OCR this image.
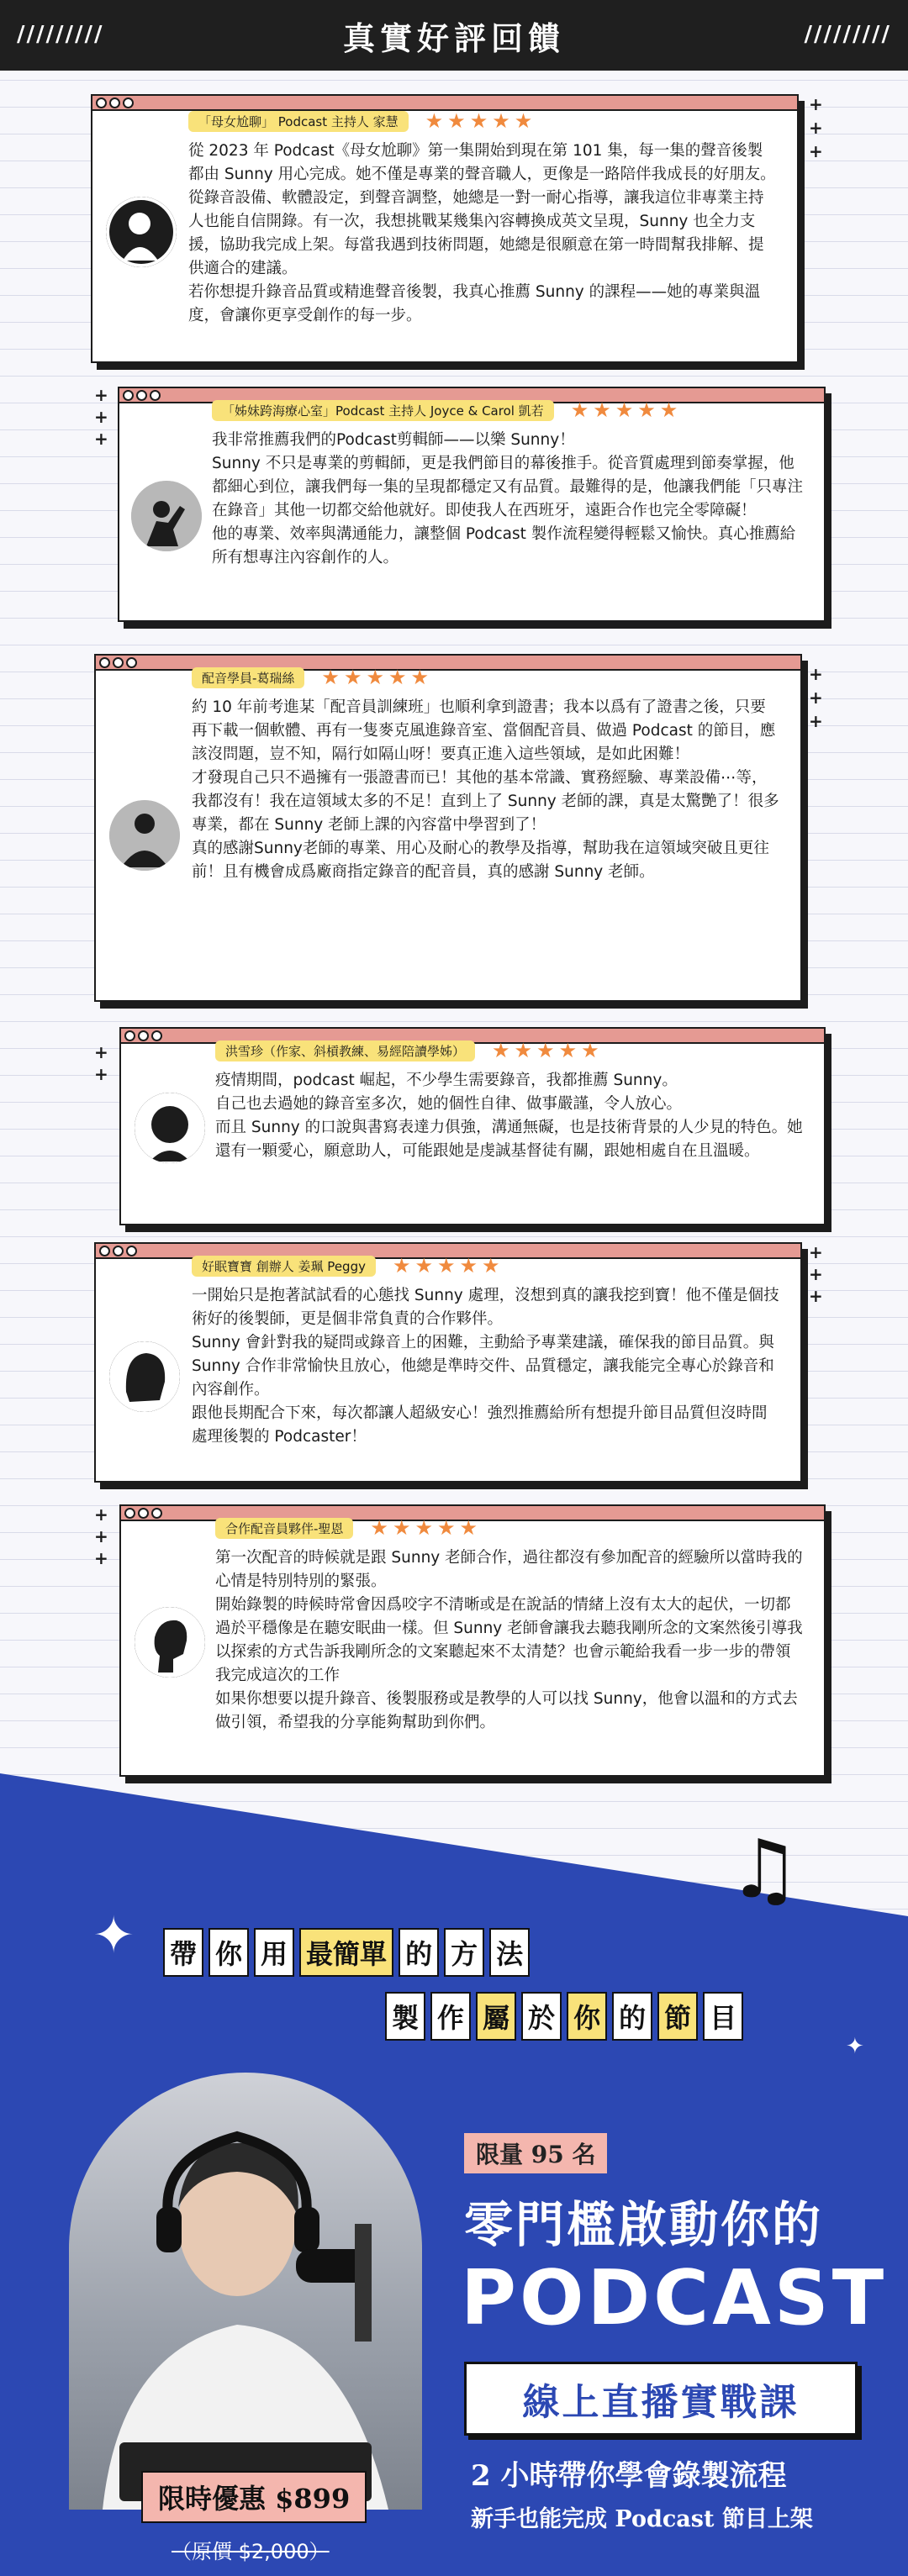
/////////	真實好評回饋	/////////
+
+
+
+
+
+
+
+
+
+
+
+
+
+
+
+
+
「母女尬聊」 Podcast 主持人 家慧	★★★★★

從 2023 年 Podcast《母女尬聊》第一集開始到現在第 101 集，每一集的聲音後製都由 Sunny 用心完成。她不僅是專業的聲音職人，更像是一路陪伴我成長的好朋友。從錄音設備、軟體設定，到聲音調整，她總是一對一耐心指導，讓我這位非專業主持人也能自信開錄。有一次，我想挑戰某幾集內容轉換成英文呈現，Sunny 也全力支援，協助我完成上架。每當我遇到技術問題，她總是很願意在第一時間幫我排解、提供適合的建議。

若你想提升錄音品質或精進聲音後製，我真心推薦 Sunny 的課程——她的專業與溫度，會讓你更享受創作的每一步。

「姊妹跨海療心室」Podcast 主持人 Joyce & Carol 凱若	★★★★★

我非常推薦我們的Podcast剪輯師——以樂 Sunny！

Sunny 不只是專業的剪輯師，更是我們節目的幕後推手。從音質處理到節奏掌握，他都細心到位，讓我們每一集的呈現都穩定又有品質。最難得的是，他讓我們能「只專注在錄音」其他一切都交給他就好。即使我人在西班牙，遠距合作也完全零障礙！

他的專業、效率與溝通能力，讓整個 Podcast 製作流程變得輕鬆又愉快。真心推薦給所有想專注內容創作的人。

配音學員-葛瑞絲	★★★★★

約 10 年前考進某「配音員訓練班」也順利拿到證書；我本以爲有了證書之後，只要再下載一個軟體、再有一隻麥克風進錄音室、當個配音員、做過 Podcast 的節目，應該沒問題，豈不知，隔行如隔山呀！要真正進入這些領域，是如此困難！

才發現自己只不過擁有一張證書而已！其他的基本常識、實務經驗、專業設備⋯等，我都沒有！我在這領域太多的不足！直到上了 Sunny 老師的課，真是太驚艷了！很多專業，都在 Sunny 老師上課的內容當中學習到了！

真的感謝Sunny老師的專業、用心及耐心的教學及指導，幫助我在這領域突破且更往前！且有機會成爲廠商指定錄音的配音員，真的感謝 Sunny 老師。

洪雪珍（作家、斜槓教練、易經陪讀學姊）	★★★★★

疫情期間，podcast 崛起，不少學生需要錄音，我都推薦 Sunny。

自己也去過她的錄音室多次，她的個性自律、做事嚴謹，令人放心。

而且 Sunny 的口說與書寫表達力俱強，溝通無礙，也是技術背景的人少見的特色。她還有一顆愛心，願意助人，可能跟她是虔誠基督徒有關，跟她相處自在且溫暖。

好眠寶寶 創辦人 姜珮 Peggy	★★★★★

一開始只是抱著試試看的心態找 Sunny 處理，沒想到真的讓我挖到寶！他不僅是個技術好的後製師，更是個非常負責的合作夥伴。

Sunny 會針對我的疑問或錄音上的困難，主動給予專業建議，確保我的節目品質。與 Sunny 合作非常愉快且放心，他總是準時交件、品質穩定，讓我能完全專心於錄音和內容創作。

跟他長期配合下來，每次都讓人超級安心！強烈推薦給所有想提升節目品質但沒時間處理後製的 Podcaster！

合作配音員夥伴-聖恩	★★★★★

第一次配音的時候就是跟 Sunny 老師合作，過往都沒有參加配音的經驗所以當時我的心情是特別特別的緊張。

開始錄製的時候時常會因爲咬字不清晰或是在說話的情緒上沒有太大的起伏，一切都過於平穩像是在聽安眠曲一樣。但 Sunny 老師會讓我去聽我剛所念的文案然後引導我以探索的方式告訴我剛所念的文案聽起來不太清楚？也會示範給我看一步一步的帶領我完成這次的工作

如果你想要以提升錄音、後製服務或是教學的人可以找 Sunny，他會以溫和的方式去做引領，希望我的分享能夠幫助到你們。

♫
✦
✦
帶 你 用 最簡單 的 方 法
製 作 屬 於 你 的 節 目
限量 95 名
零門檻啟動你的
PODCAST
線上直播實戰課
2 小時帶你學會錄製流程
新手也能完成 Podcast 節目上架
限時優惠 $899
（原價 $2,000）
